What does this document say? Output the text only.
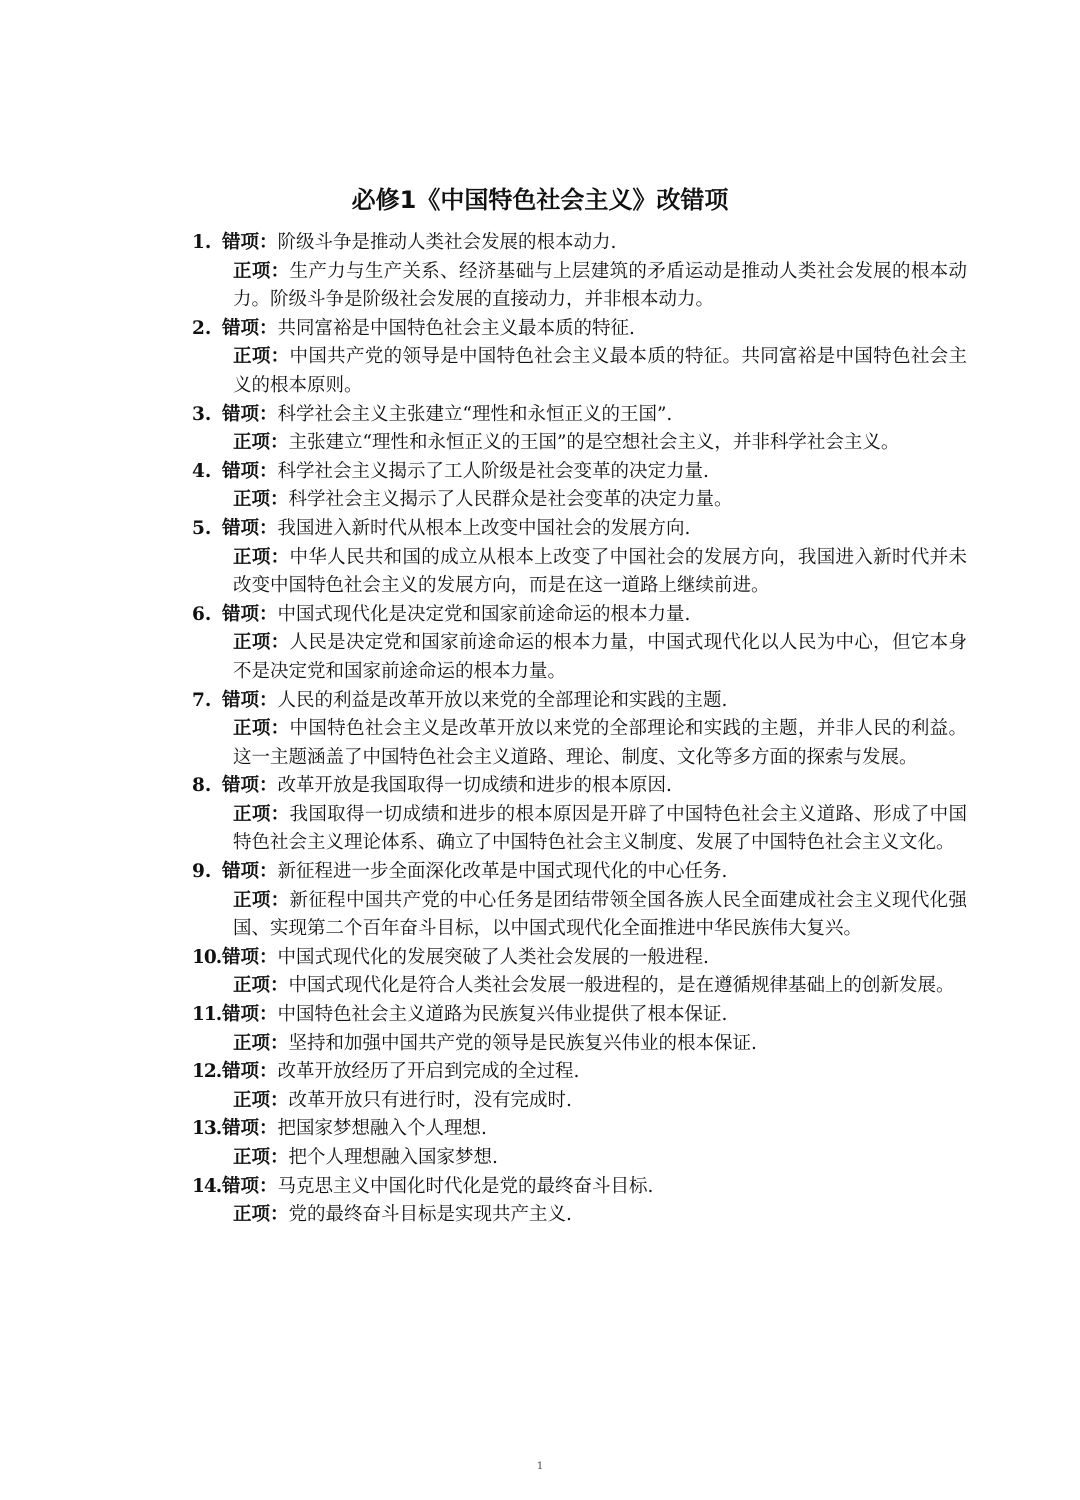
必修1《中国特色社会主义》改错项
1. 错项：阶级斗争是推动人类社会发展的根本动力.
正项：生产力与生产关系、经济基础与上层建筑的矛盾运动是推动人类社会发展的根本动力。阶级斗争是阶级社会发展的直接动力，并非根本动力。
2. 错项：共同富裕是中国特色社会主义最本质的特征.
正项：中国共产党的领导是中国特色社会主义最本质的特征。共同富裕是中国特色社会主义的根本原则。
3. 错项：科学社会主义主张建立“理性和永恒正义的王国”.
正项：主张建立“理性和永恒正义的王国”的是空想社会主义，并非科学社会主义。
4. 错项：科学社会主义揭示了工人阶级是社会变革的决定力量.
正项：科学社会主义揭示了人民群众是社会变革的决定力量。
5. 错项：我国进入新时代从根本上改变中国社会的发展方向.
正项：中华人民共和国的成立从根本上改变了中国社会的发展方向，我国进入新时代并未改变中国特色社会主义的发展方向，而是在这一道路上继续前进。
6. 错项：中国式现代化是决定党和国家前途命运的根本力量.
正项：人民是决定党和国家前途命运的根本力量，中国式现代化以人民为中心，但它本身不是决定党和国家前途命运的根本力量。
7. 错项：人民的利益是改革开放以来党的全部理论和实践的主题.
正项：中国特色社会主义是改革开放以来党的全部理论和实践的主题，并非人民的利益。这一主题涵盖了中国特色社会主义道路、理论、制度、文化等多方面的探索与发展。
8. 错项：改革开放是我国取得一切成绩和进步的根本原因.
正项：我国取得一切成绩和进步的根本原因是开辟了中国特色社会主义道路、形成了中国特色社会主义理论体系、确立了中国特色社会主义制度、发展了中国特色社会主义文化。
9. 错项：新征程进一步全面深化改革是中国式现代化的中心任务.
正项：新征程中国共产党的中心任务是团结带领全国各族人民全面建成社会主义现代化强国、实现第二个百年奋斗目标，以中国式现代化全面推进中华民族伟大复兴。
10.错项：中国式现代化的发展突破了人类社会发展的一般进程.
正项：中国式现代化是符合人类社会发展一般进程的，是在遵循规律基础上的创新发展。
11.错项：中国特色社会主义道路为民族复兴伟业提供了根本保证.
正项：坚持和加强中国共产党的领导是民族复兴伟业的根本保证.
12.错项：改革开放经历了开启到完成的全过程.
正项：改革开放只有进行时，没有完成时.
13.错项：把国家梦想融入个人理想.
正项：把个人理想融入国家梦想.
14.错项：马克思主义中国化时代化是党的最终奋斗目标.
正项：党的最终奋斗目标是实现共产主义.
1
